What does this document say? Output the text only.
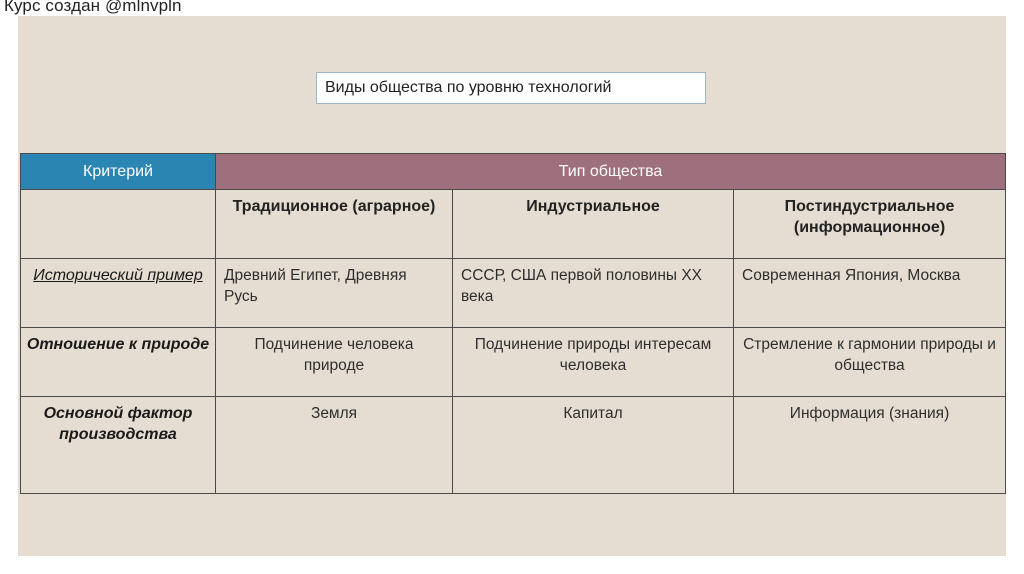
Курс создан @mlnvpln
Виды общества по уровню технологий
Критерий	Тип общества		
	Традиционное (аграрное)	Индустриальное	Постиндустриальное (информационное)
Исторический пример	Древний Египет, Древняя Русь	СССР, США первой половины XX века	Современная Япония, Москва
Отношение к природе	Подчинение человека природе	Подчинение природы интересам человека	Стремление к гармонии природы и общества
Основной фактор производства	Земля	Капитал	Информация (знания)
